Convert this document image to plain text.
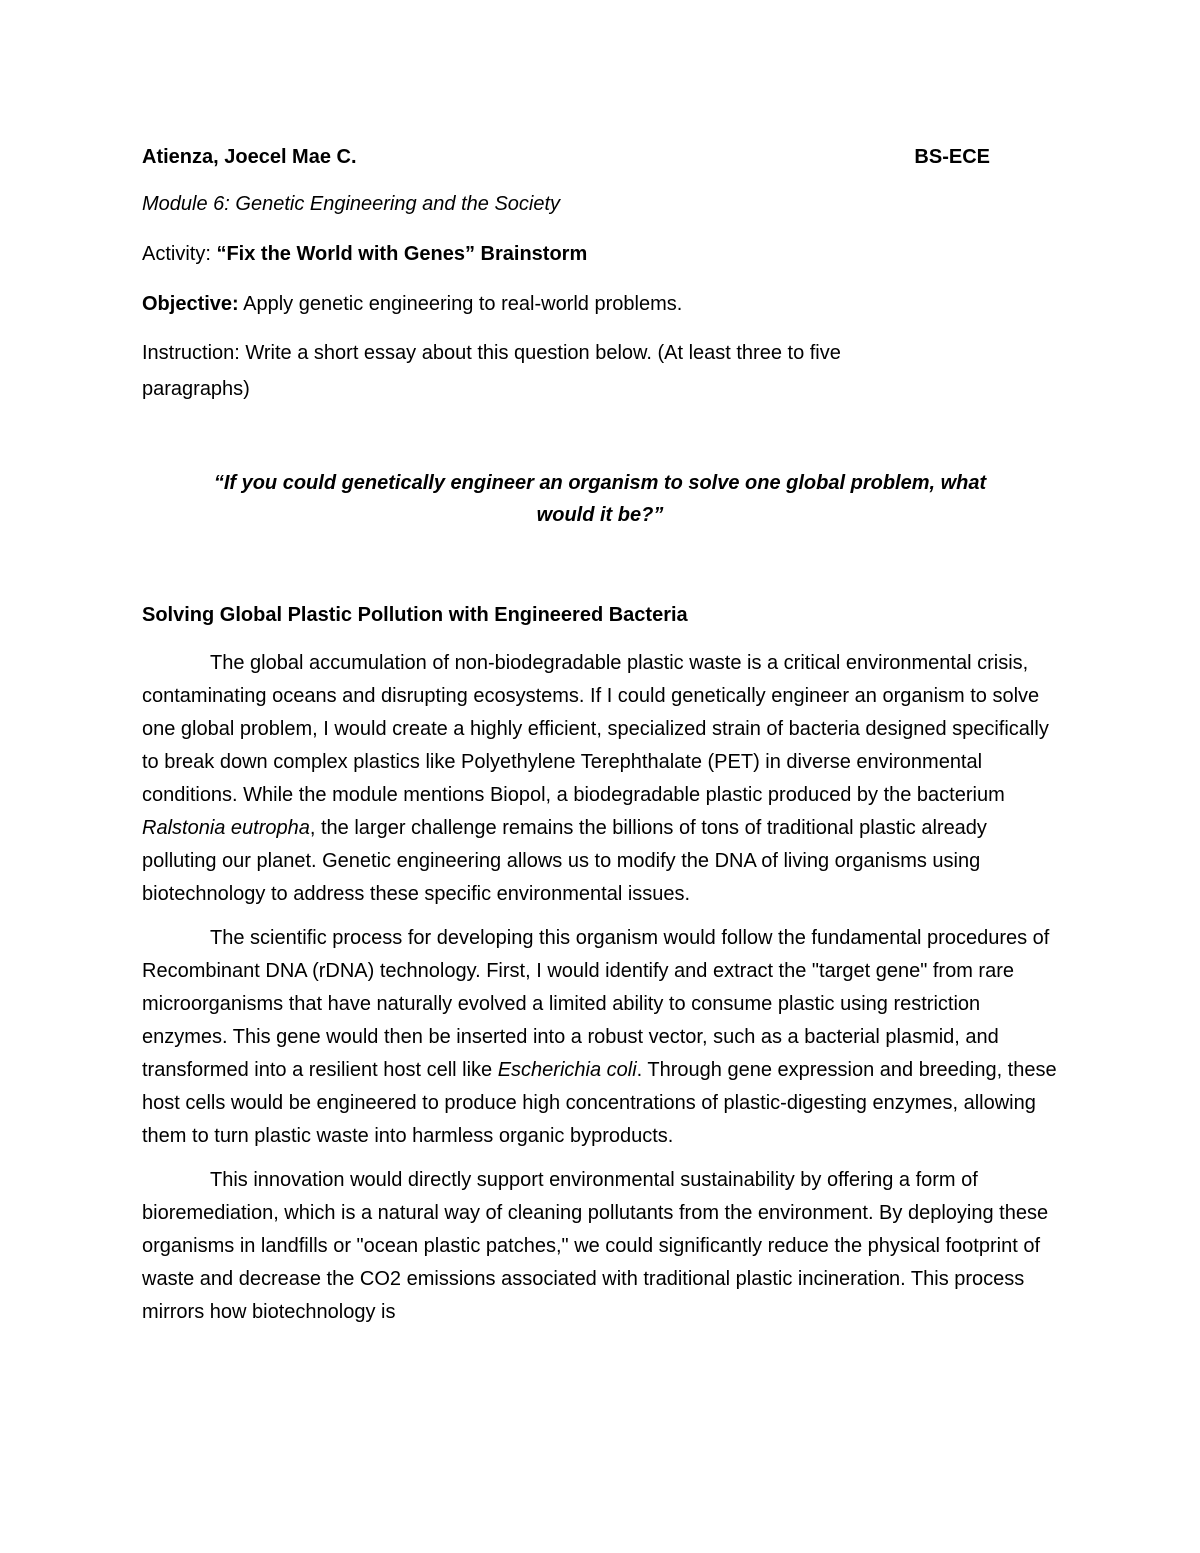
Atienza, Joecel Mae C.	BS-ECE
Module 6: Genetic Engineering and the Society
Activity: “Fix the World with Genes” Brainstorm
Objective: Apply genetic engineering to real-world problems.
Instruction: Write a short essay about this question below. (At least three to five
paragraphs)
“If you could genetically engineer an organism to solve one global problem, what
would it be?”
Solving Global Plastic Pollution with Engineered Bacteria

The global accumulation of non-biodegradable plastic waste is a critical environmental crisis, contaminating oceans and disrupting ecosystems. If I could genetically engineer an organism to solve one global problem, I would create a highly efficient, specialized strain of bacteria designed specifically to break down complex plastics like Polyethylene Terephthalate (PET) in diverse environmental conditions. While the module mentions Biopol, a biodegradable plastic produced by the bacterium Ralstonia eutropha, the larger challenge remains the billions of tons of traditional plastic already polluting our planet. Genetic engineering allows us to modify the DNA of living organisms using biotechnology to address these specific environmental issues.

The scientific process for developing this organism would follow the fundamental procedures of Recombinant DNA (rDNA) technology. First, I would identify and extract the "target gene" from rare microorganisms that have naturally evolved a limited ability to consume plastic using restriction enzymes. This gene would then be inserted into a robust vector, such as a bacterial plasmid, and transformed into a resilient host cell like Escherichia coli. Through gene expression and breeding, these host cells would be engineered to produce high concentrations of plastic-digesting enzymes, allowing them to turn plastic waste into harmless organic byproducts.

This innovation would directly support environmental sustainability by offering a form of bioremediation, which is a natural way of cleaning pollutants from the environment. By deploying these organisms in landfills or "ocean plastic patches," we could significantly reduce the physical footprint of waste and decrease the CO2 emissions associated with traditional plastic incineration. This process mirrors how biotechnology is
